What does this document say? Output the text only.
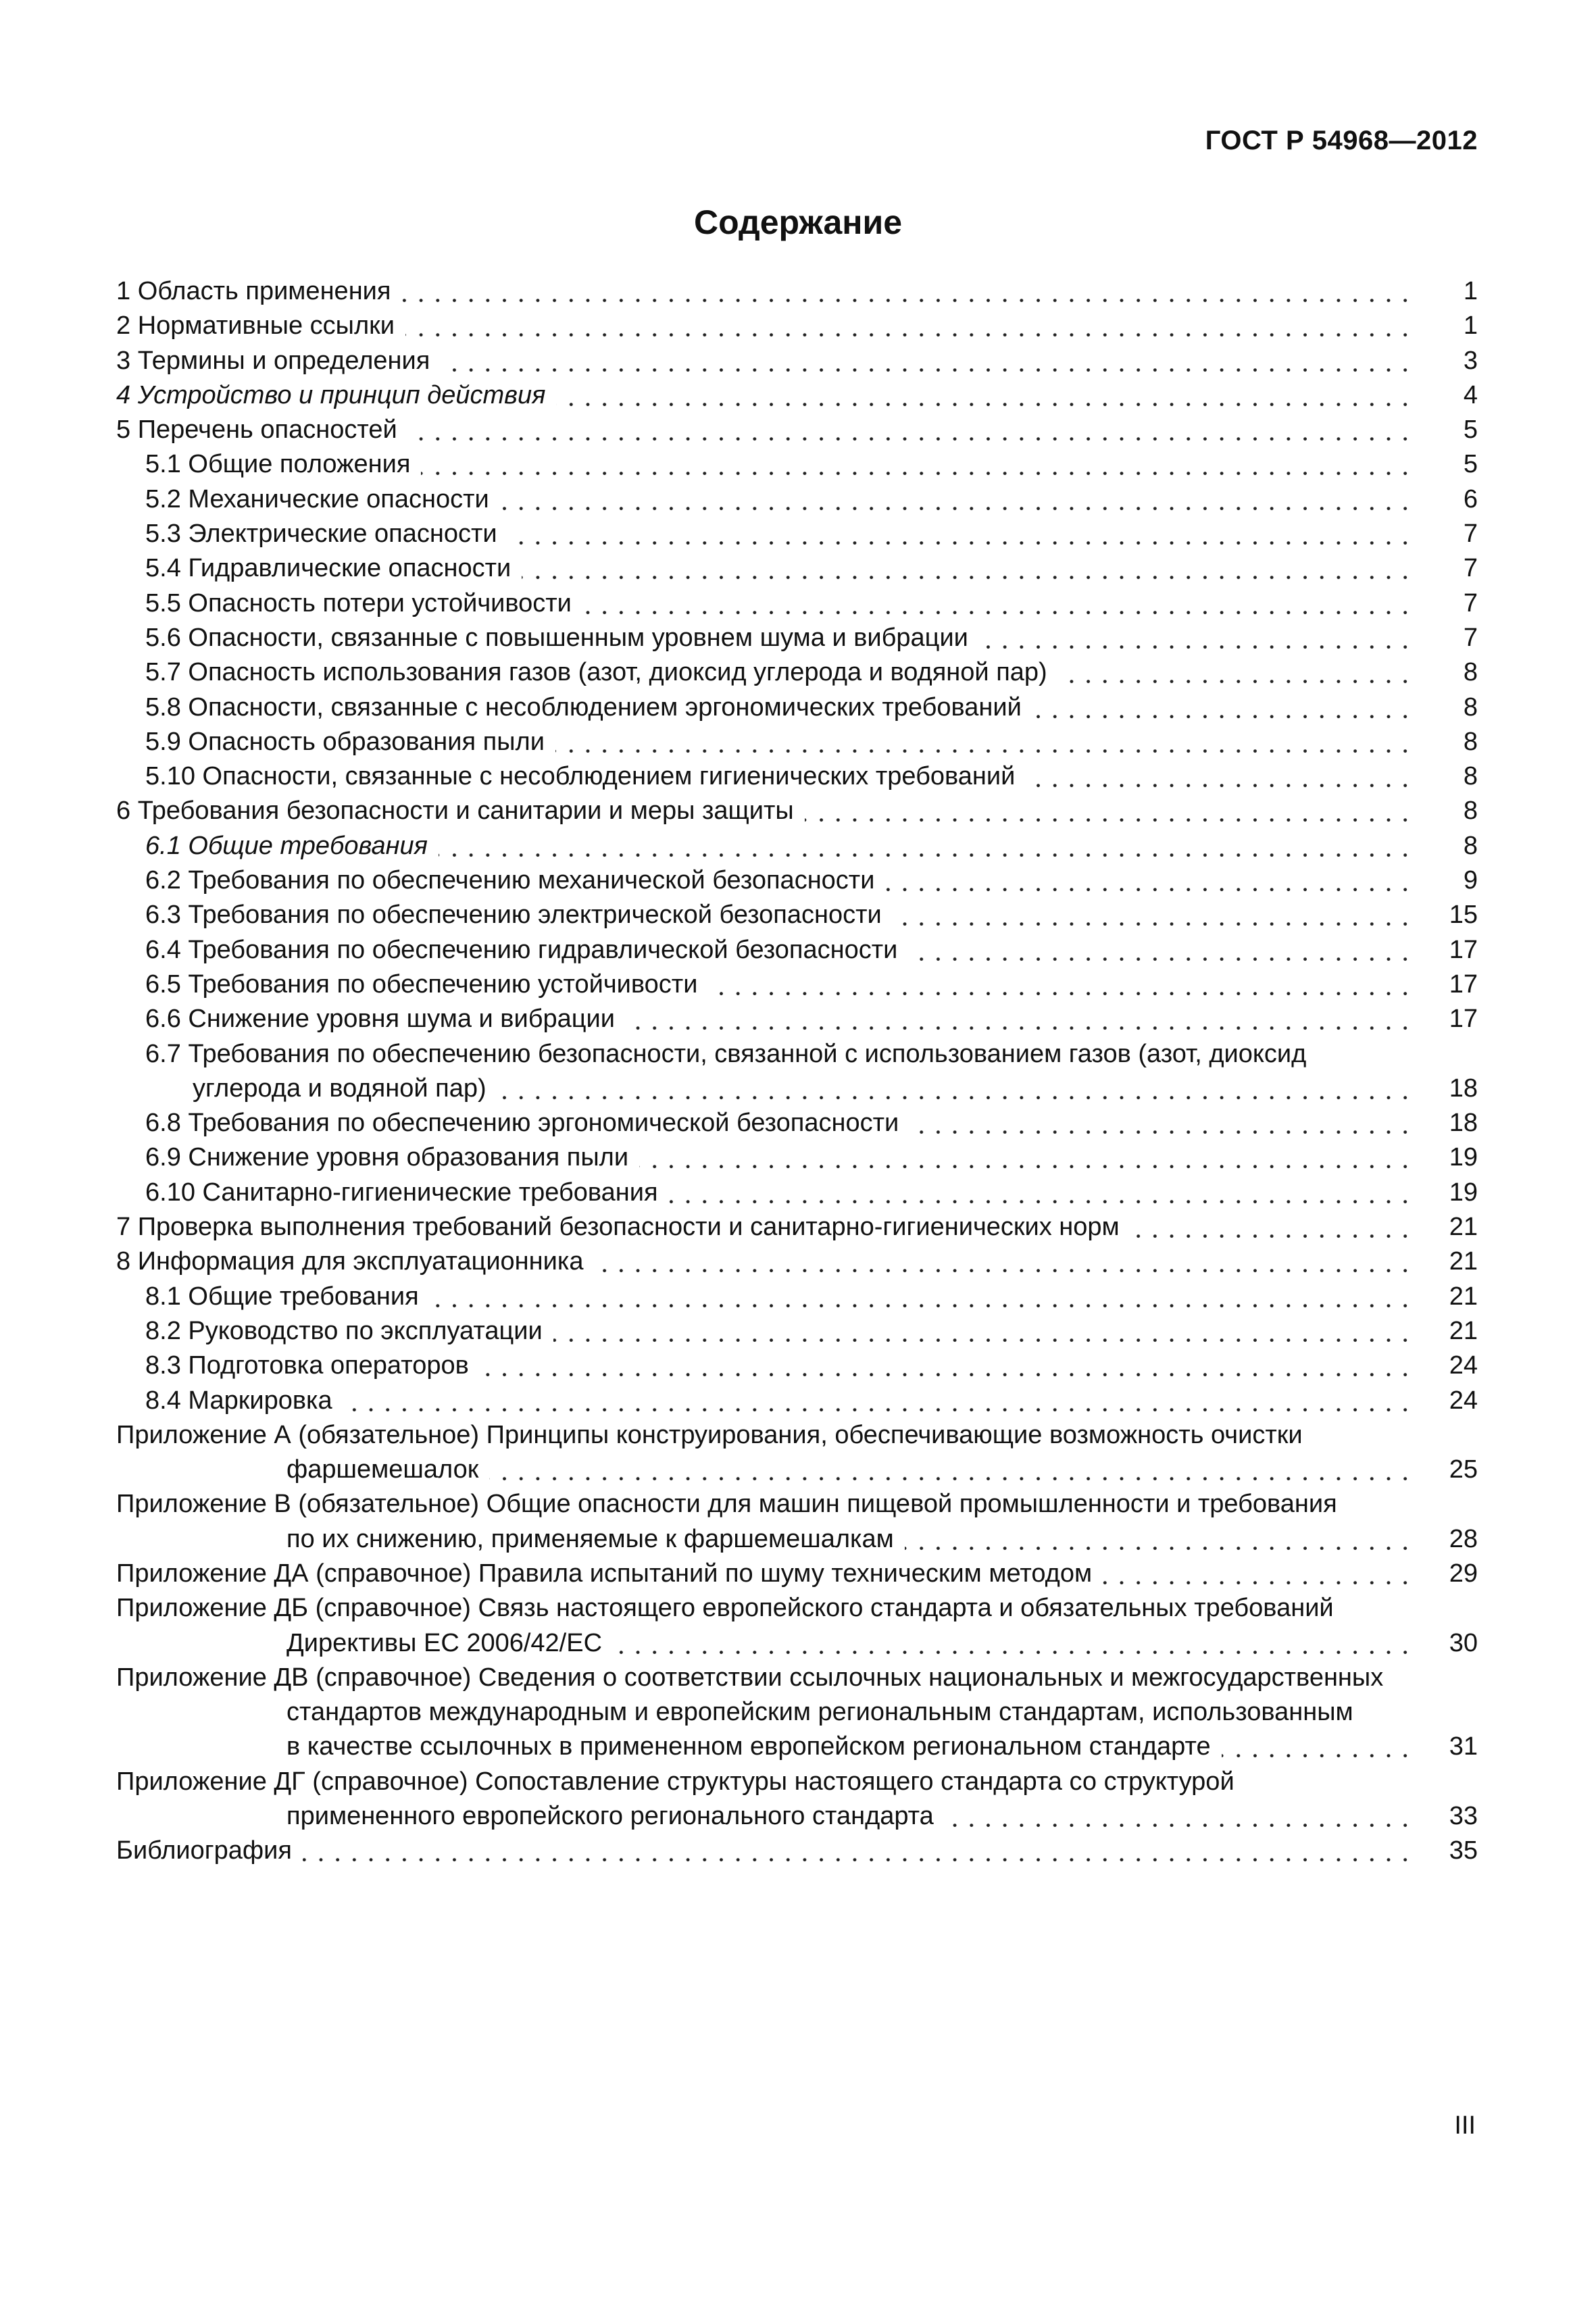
ГОСТ Р 54968—2012
Содержание
1 Область применения	1
2 Нормативные ссылки	1
3 Термины и определения	3
4 Устройство и принцип действия	4
5 Перечень опасностей	5
5.1 Общие положения	5
5.2 Механические опасности	6
5.3 Электрические опасности	7
5.4 Гидравлические опасности	7
5.5 Опасность потери устойчивости	7
5.6 Опасности, связанные с повышенным уровнем шума и вибрации	7
5.7 Опасность использования газов (азот, диоксид углерода и водяной пар)	8
5.8 Опасности, связанные с несоблюдением эргономических требований	8
5.9 Опасность образования пыли	8
5.10 Опасности, связанные с несоблюдением гигиенических требований	8
6 Требования безопасности и санитарии и меры защиты	8
6.1 Общие требования	8
6.2 Требования по обеспечению механической безопасности	9
6.3 Требования по обеспечению электрической безопасности	15
6.4 Требования по обеспечению гидравлической безопасности	17
6.5 Требования по обеспечению устойчивости	17
6.6 Снижение уровня шума и вибрации	17
6.7 Требования по обеспечению безопасности, связанной с использованием газов (азот, диоксид
углерода и водяной пар)	18
6.8 Требования по обеспечению эргономической безопасности	18
6.9 Снижение уровня образования пыли	19
6.10 Санитарно-гигиенические требования	19
7 Проверка выполнения требований безопасности и санитарно-гигиенических норм	21
8 Информация для эксплуатационника	21
8.1 Общие требования	21
8.2 Руководство по эксплуатации	21
8.3 Подготовка операторов	24
8.4 Маркировка	24
Приложение А (обязательное) Принципы конструирования, обеспечивающие возможность очистки
фаршемешалок	25
Приложение В (обязательное) Общие опасности для машин пищевой промышленности и требования
по их снижению, применяемые к фаршемешалкам	28
Приложение ДА (справочное) Правила испытаний по шуму техническим методом	29
Приложение ДБ (справочное) Связь настоящего европейского стандарта и обязательных требований
Директивы ЕС 2006/42/ЕС	30
Приложение ДВ (справочное) Сведения о соответствии ссылочных национальных и межгосударственных
стандартов международным и европейским региональным стандартам, использованным
в качестве ссылочных в примененном европейском региональном стандарте	31
Приложение ДГ (справочное) Сопоставление структуры настоящего стандарта со структурой
примененного европейского регионального стандарта	33
Библиография	35
III
